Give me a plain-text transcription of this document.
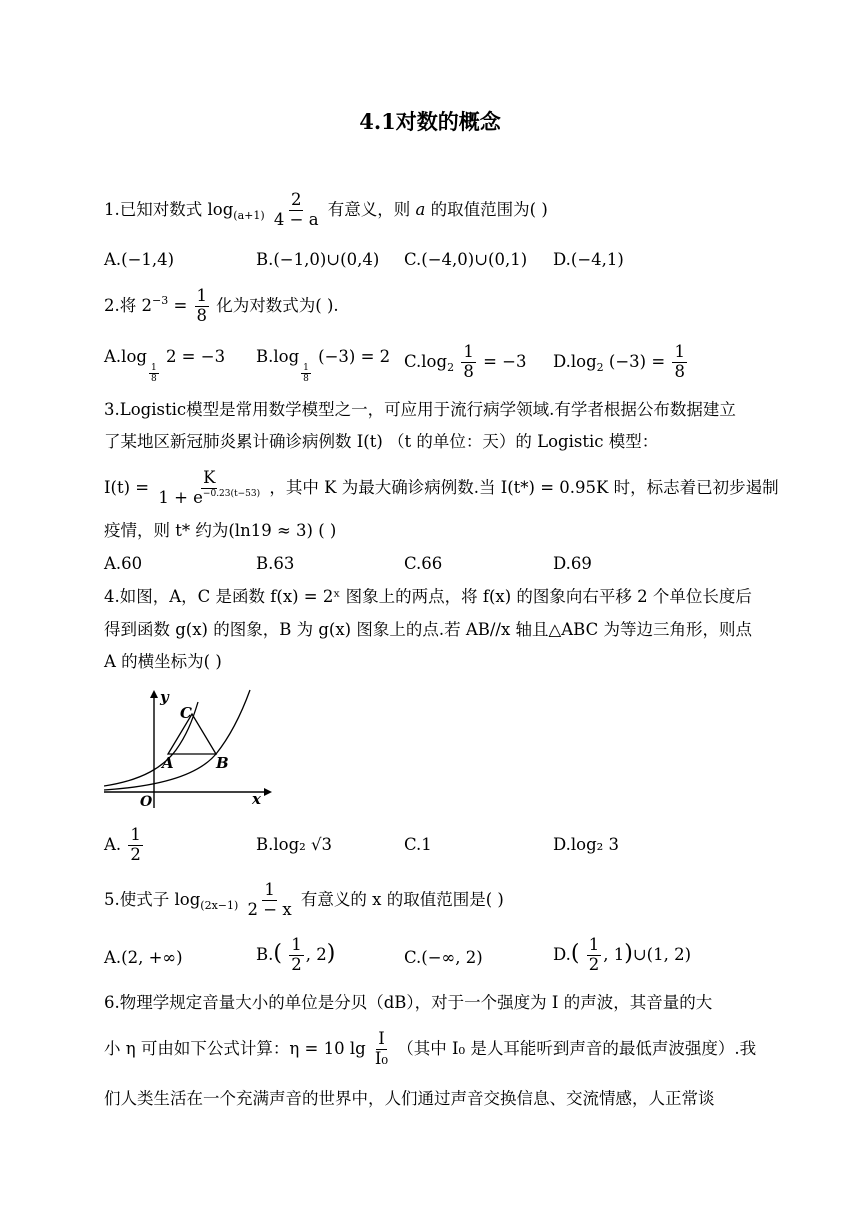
4.1对数的概念
1.已知对数式 $\log_{(a+1)} \frac{2}{4 - a}$ 有意义，则 a 的取值范围为( )
A.(−1,4)	B.(−1,0)∪(0,4) C.(−4,0)∪(0,1) D.(−4,1)
2.将 $2^{-3} = \frac{1}{8}$ 化为对数式为( ).
A.log
$\frac{1}{8}$
2 = −3 B.log
$\frac{1}{8}$
(−3) = 2 $C.\log_2 \frac{1}{8} = -3$ $D.\log_2$ $(-3) = \frac{1}{8}$
3.Logistic模型是常用数学模型之一，可应用于流行病学领域.有学者根据公布数据建立
了某地区新冠肺炎累计确诊病例数 I(t) （t 的单位：天）的 Logistic 模型：
$I(t) = \frac{K}{1 + e^{-0.23(t-53)}}$ ，其中 K 为最大确诊病例数.当 I(t*) = 0.95K 时，标志着已初步遏制
疫情，则 t* 约为(ln19 ≈ 3) ( )
A.60	B.63	C.66	D.69
4.如图，A，C 是函数 f(x) = 2ˣ 图象上的两点，将 f(x) 的图象向右平移 2 个单位长度后
得到函数 g(x) 的图象，B 为 g(x) 图象上的点.若 AB//x 轴且△ABC 为等边三角形，则点
A 的横坐标为( )
y
x
O
A	B
C
A. $\frac{1}{2}$	B.log₂ √3	C.1	D.log₂ 3
5.使式子 $\log_{(2x-1)} \frac{1}{2 - x}$ 有意义的 x 的取值范围是( )
A.(2, +∞)	$B.( \frac{1}{2}$ , 2)	C.(−∞, 2)	$D.( \frac{1}{2}$ , 1)∪(1, 2)
6.物理学规定音量大小的单位是分贝（dB），对于一个强度为 I 的声波，其音量的大
小 η 可由如下公式计算：η = 10 $\lg \frac{I}{\text{I₀}}$ （其中 I₀ 是人耳能听到声音的最低声波强度）.我
们人类生活在一个充满声音的世界中，人们通过声音交换信息、交流情感，人正常谈
